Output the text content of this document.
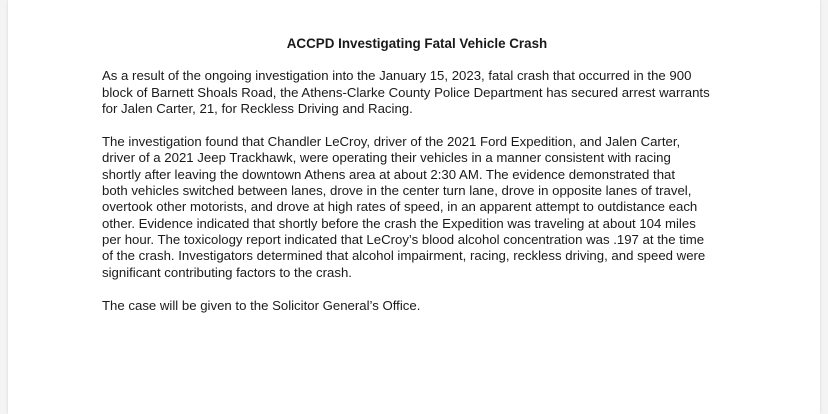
ACCPD Investigating Fatal Vehicle Crash
As a result of the ongoing investigation into the January 15, 2023, fatal crash that occurred in the 900
block of Barnett Shoals Road, the Athens-Clarke County Police Department has secured arrest warrants
for Jalen Carter, 21, for Reckless Driving and Racing.
The investigation found that Chandler LeCroy, driver of the 2021 Ford Expedition, and Jalen Carter,
driver of a 2021 Jeep Trackhawk, were operating their vehicles in a manner consistent with racing
shortly after leaving the downtown Athens area at about 2:30 AM. The evidence demonstrated that
both vehicles switched between lanes, drove in the center turn lane, drove in opposite lanes of travel,
overtook other motorists, and drove at high rates of speed, in an apparent attempt to outdistance each
other. Evidence indicated that shortly before the crash the Expedition was traveling at about 104 miles
per hour. The toxicology report indicated that LeCroy’s blood alcohol concentration was .197 at the time
of the crash. Investigators determined that alcohol impairment, racing, reckless driving, and speed were
significant contributing factors to the crash.
The case will be given to the Solicitor General’s Office.
